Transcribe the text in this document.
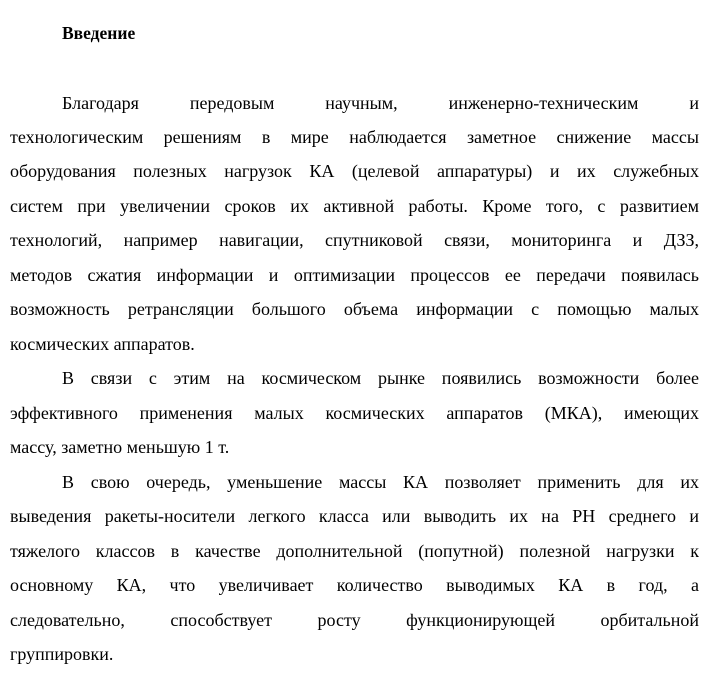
Введение
Благодаря передовым научным, инженерно-техническим и
технологическим решениям в мире наблюдается заметное снижение массы
оборудования полезных нагрузок КА (целевой аппаратуры) и их служебных
систем при увеличении сроков их активной работы. Кроме того, с развитием
технологий, например навигации, спутниковой связи, мониторинга и ДЗЗ,
методов сжатия информации и оптимизации процессов ее передачи появилась
возможность ретрансляции большого объема информации с помощью малых
космических аппаратов.
В связи с этим на космическом рынке появились возможности более
эффективного применения малых космических аппаратов (МКА), имеющих
массу, заметно меньшую 1 т.
В свою очередь, уменьшение массы КА позволяет применить для их
выведения ракеты-носители легкого класса или выводить их на РН среднего и
тяжелого классов в качестве дополнительной (попутной) полезной нагрузки к
основному КА, что увеличивает количество выводимых КА в год, а
следовательно, способствует росту функционирующей орбитальной
группировки.
